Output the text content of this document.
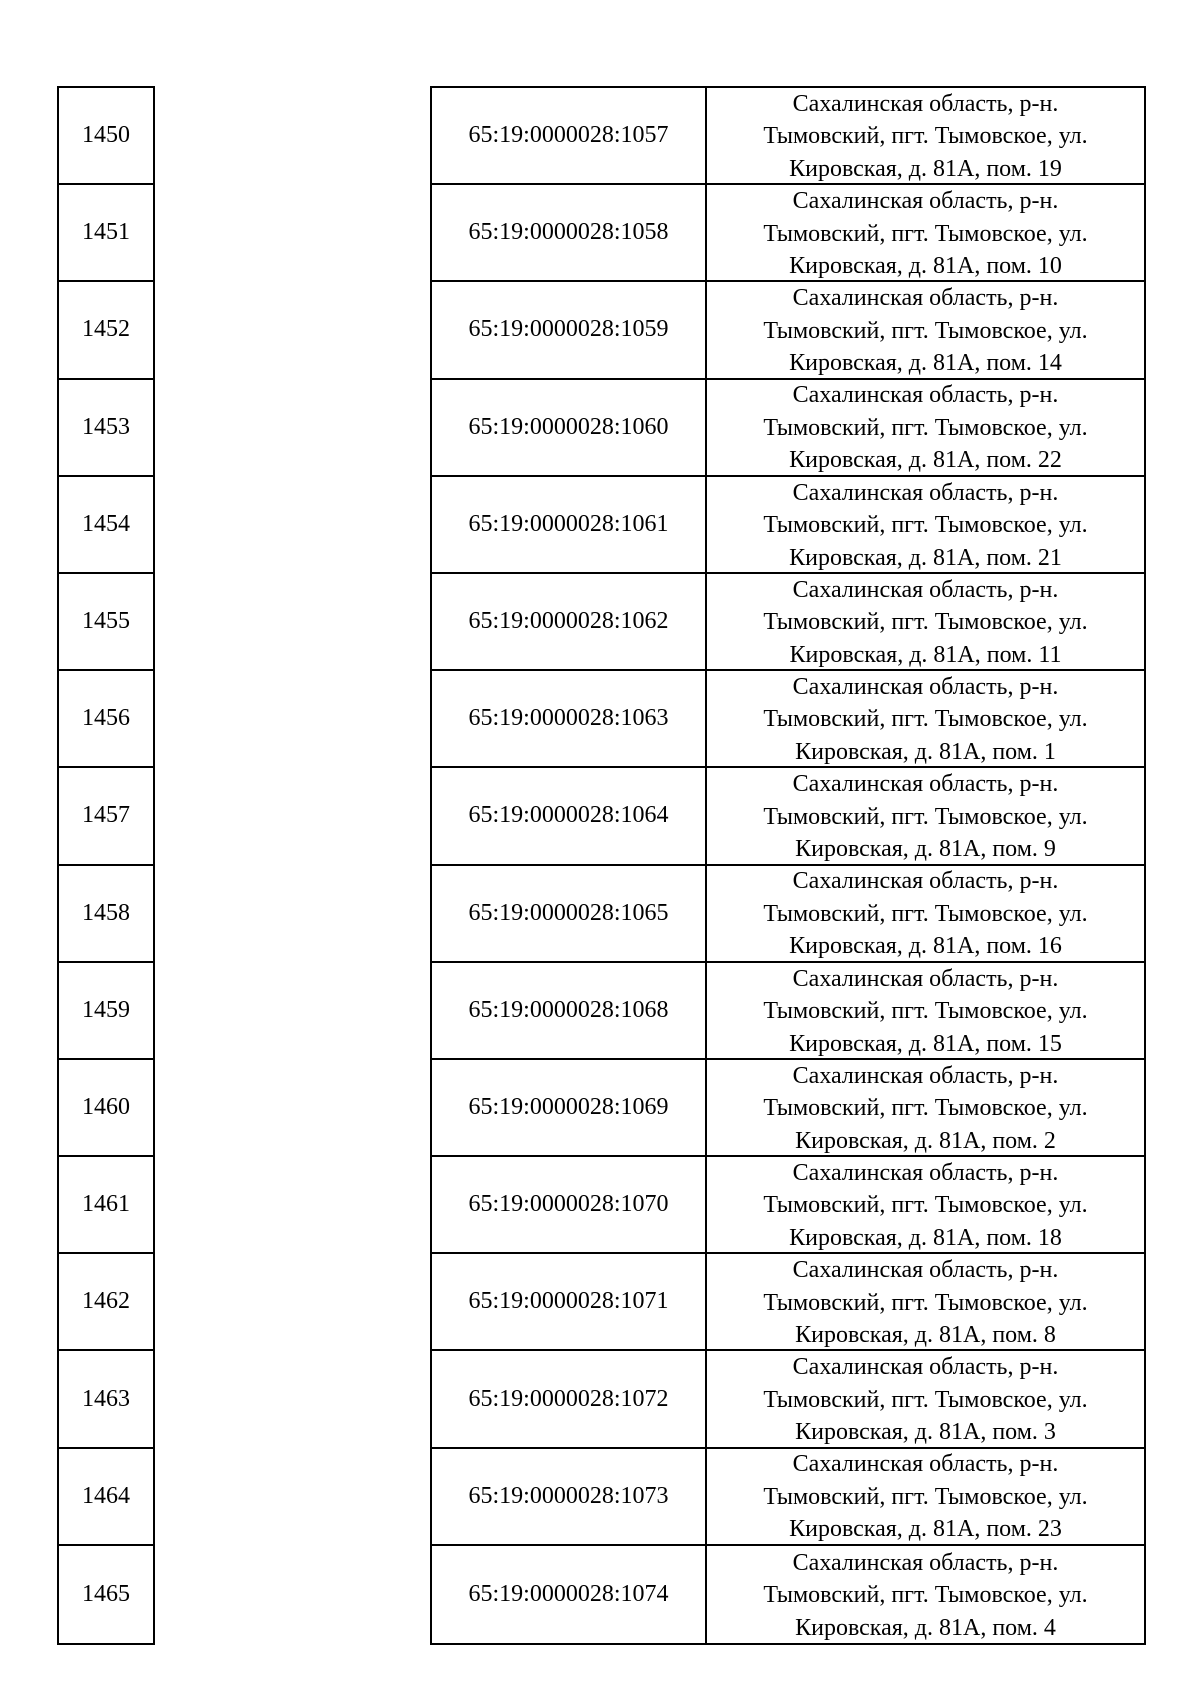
1450
1451
1452
1453
1454
1455
1456
1457
1458
1459
1460
1461
1462
1463
1464
1465
65:19:0000028:1057
Сахалинская область, р-н.
Тымовский, пгт. Тымовское, ул.
Кировская, д. 81А, пом. 19
65:19:0000028:1058
Сахалинская область, р-н.
Тымовский, пгт. Тымовское, ул.
Кировская, д. 81А, пом. 10
65:19:0000028:1059
Сахалинская область, р-н.
Тымовский, пгт. Тымовское, ул.
Кировская, д. 81А, пом. 14
65:19:0000028:1060
Сахалинская область, р-н.
Тымовский, пгт. Тымовское, ул.
Кировская, д. 81А, пом. 22
65:19:0000028:1061
Сахалинская область, р-н.
Тымовский, пгт. Тымовское, ул.
Кировская, д. 81А, пом. 21
65:19:0000028:1062
Сахалинская область, р-н.
Тымовский, пгт. Тымовское, ул.
Кировская, д. 81А, пом. 11
65:19:0000028:1063
Сахалинская область, р-н.
Тымовский, пгт. Тымовское, ул.
Кировская, д. 81А, пом. 1
65:19:0000028:1064
Сахалинская область, р-н.
Тымовский, пгт. Тымовское, ул.
Кировская, д. 81А, пом. 9
65:19:0000028:1065
Сахалинская область, р-н.
Тымовский, пгт. Тымовское, ул.
Кировская, д. 81А, пом. 16
65:19:0000028:1068
Сахалинская область, р-н.
Тымовский, пгт. Тымовское, ул.
Кировская, д. 81А, пом. 15
65:19:0000028:1069
Сахалинская область, р-н.
Тымовский, пгт. Тымовское, ул.
Кировская, д. 81А, пом. 2
65:19:0000028:1070
Сахалинская область, р-н.
Тымовский, пгт. Тымовское, ул.
Кировская, д. 81А, пом. 18
65:19:0000028:1071
Сахалинская область, р-н.
Тымовский, пгт. Тымовское, ул.
Кировская, д. 81А, пом. 8
65:19:0000028:1072
Сахалинская область, р-н.
Тымовский, пгт. Тымовское, ул.
Кировская, д. 81А, пом. 3
65:19:0000028:1073
Сахалинская область, р-н.
Тымовский, пгт. Тымовское, ул.
Кировская, д. 81А, пом. 23
65:19:0000028:1074
Сахалинская область, р-н.
Тымовский, пгт. Тымовское, ул.
Кировская, д. 81А, пом. 4
